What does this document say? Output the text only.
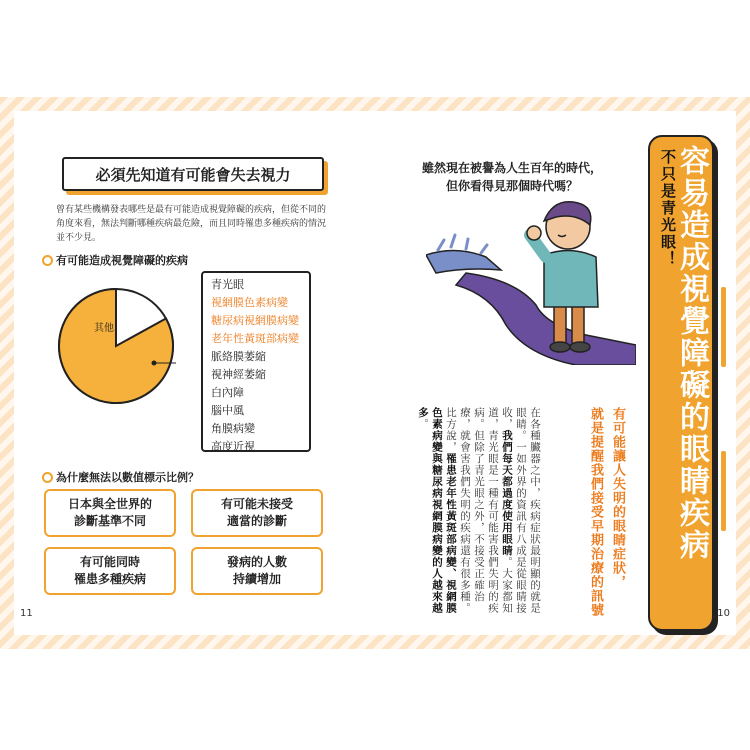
必須先知道有可能會失去視力
曾有某些機構發表哪些是最有可能造成視覺障礙的疾病，但從不同的角度來看，無法判斷哪種疾病最危險，而且同時罹患多種疾病的情況並不少見。
有可能造成視覺障礙的疾病
其他
青光眼
視網膜色素病變
糖尿病視網膜病變
老年性黃斑部病變
脈絡膜萎縮
視神經萎縮
白內障
腦中風
角膜病變
高度近視
為什麼無法以數值標示比例？
日本與全世界的
診斷基準不同
有可能未接受
適當的診斷
有可能同時
罹患多種疾病
發病的人數
持續增加
11
雖然現在被譽為人生百年的時代，
但你看得見那個時代嗎？
在各種臟器之中，疾病症狀最明顯的就是眼睛。一如外界的資訊有八成是從眼睛接收，我們每天都過度使用眼睛。大家都知道，青光眼是一種有可能害我們失明的疾病。但除了青光眼之外，不接受正確治療，就會害我們失明的疾病還有很多種。比方說，罹患老年性黃斑部病變、視網膜色素病變與糖尿病視網膜病變的人越來越多。	有可能讓人失明的眼睛症狀，
就是提醒我們接受早期治療的訊號
不只是青光眼！
容易造成視覺障礙的眼睛疾病
10
